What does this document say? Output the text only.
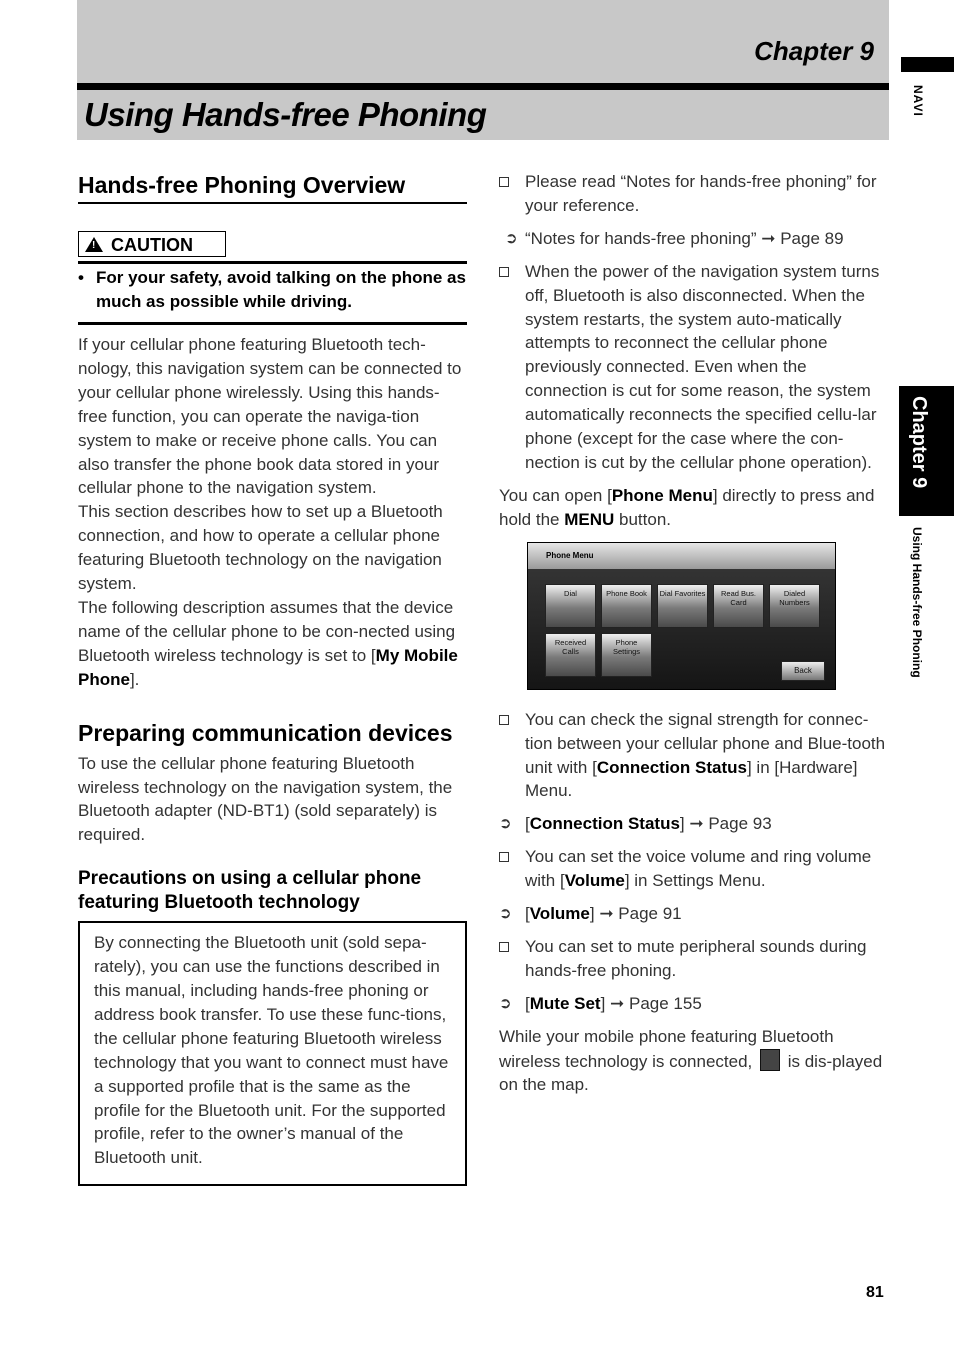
Chapter 9
Using Hands-free Phoning	NAVI
Chapter 9
Using Hands-free Phoning
Hands-free Phoning Overview
!CAUTION
• For your safety, avoid talking on the phone as much as possible while driving.

If your cellular phone featuring Bluetooth tech-nology, this navigation system can be connected to your cellular phone wirelessly. Using this hands-free function, you can operate the naviga-tion system to make or receive phone calls. You can also transfer the phone book data stored in your cellular phone to the navigation system.

This section describes how to set up a Bluetooth connection, and how to operate a cellular phone featuring Bluetooth technology on the navigation system.

The following description assumes that the device name of the cellular phone to be con-nected using Bluetooth wireless technology is set to [My Mobile Phone].

Preparing communication devices

To use the cellular phone featuring Bluetooth wireless technology on the navigation system, the Bluetooth adapter (ND-BT1) (sold separately) is required.

Precautions on using a cellular phone featuring Bluetooth technology

By connecting the Bluetooth unit (sold sepa-rately), you can use the functions described in this manual, including hands-free phoning or address book transfer. To use these func-tions, the cellular phone featuring Bluetooth wireless technology that you want to connect must have a supported profile that is the same as the profile for the Bluetooth unit. For the supported profile, refer to the owner’s manual of the Bluetooth unit.

Please read “Notes for hands-free phoning” for your reference.
➲ “Notes for hands-free phoning” ➞ Page 89
When the power of the navigation system turns off, Bluetooth is also disconnected. When the system restarts, the system auto-matically attempts to reconnect the cellular phone previously connected. Even when the connection is cut for some reason, the system automatically reconnects the specified cellu-lar phone (except for the case where the con-nection is cut by the cellular phone operation).

You can open [Phone Menu] directly to press and hold the MENU button.

Phone Menu
Dial	Phone Book	Dial Favorites	Read Bus. Card
Dialed Numbers
Received Calls
Phone Settings
Back
You can check the signal strength for connec-tion between your cellular phone and Blue-tooth unit with [Connection Status] in [Hardware] Menu.
➲ [Connection Status] ➞ Page 93
You can set the voice volume and ring volume with [Volume] in Settings Menu.
➲ [Volume] ➞ Page 91
You can set to mute peripheral sounds during hands-free phoning.
➲ [Mute Set] ➞ Page 155

While your mobile phone featuring Bluetooth wireless technology is connected,  is dis-played on the map.

81
